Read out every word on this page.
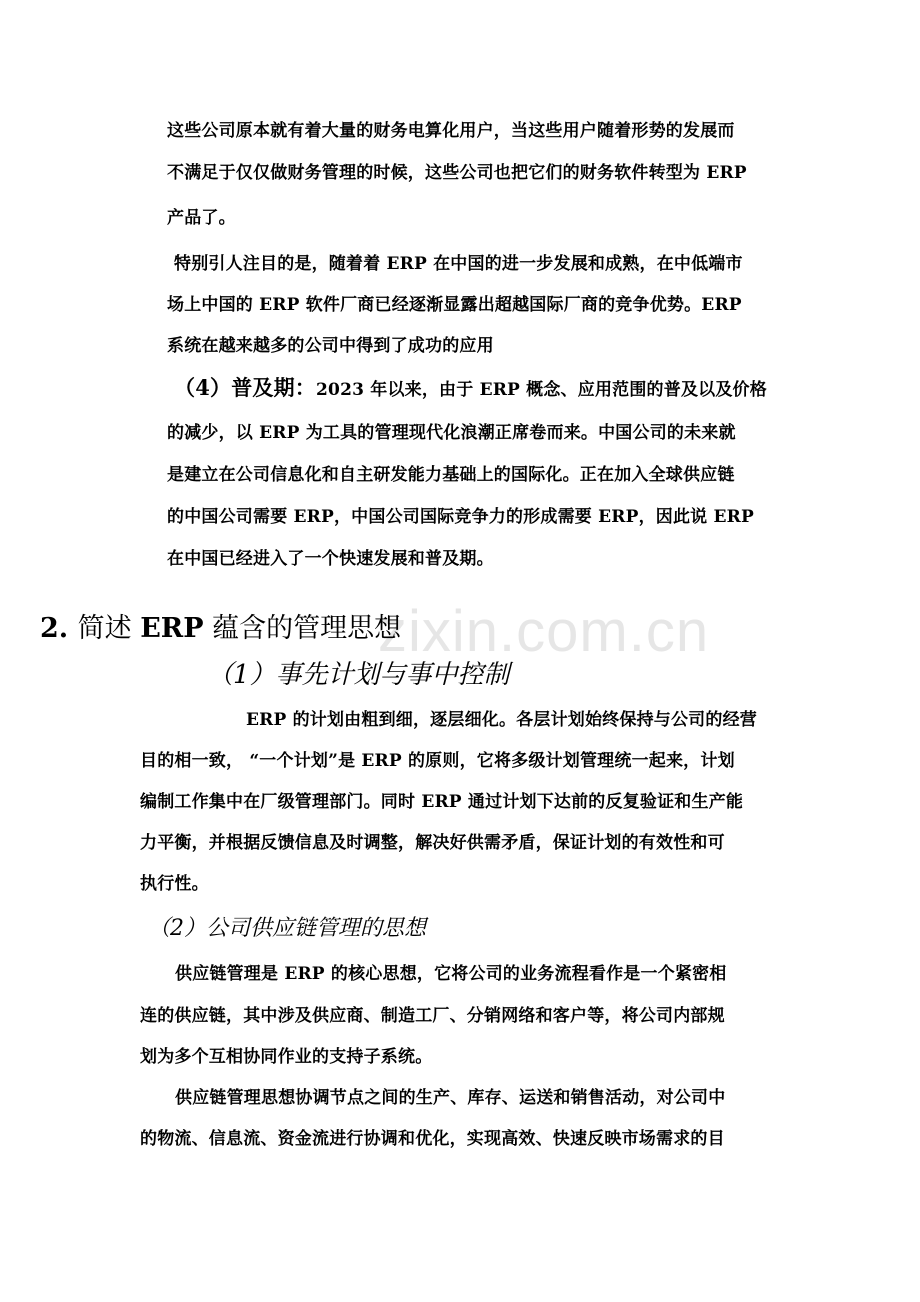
zixin.com.cn
这些公司原本就有着大量的财务电算化用户，当这些用户随着形势的发展而
不满足于仅仅做财务管理的时候，这些公司也把它们的财务软件转型为 ERP
产品了。
特别引人注目的是，随着着 ERP 在中国的进一步发展和成熟，在中低端市
场上中国的 ERP 软件厂商已经逐渐显露出超越国际厂商的竞争优势。ERP
系统在越来越多的公司中得到了成功的应用
（4）普及期：2023 年以来，由于 ERP 概念、应用范围的普及以及价格
的减少，以 ERP 为工具的管理现代化浪潮正席卷而来。中国公司的未来就
是建立在公司信息化和自主研发能力基础上的国际化。正在加入全球供应链
的中国公司需要 ERP，中国公司国际竞争力的形成需要 ERP，因此说 ERP
在中国已经进入了一个快速发展和普及期。
2. 简述 ERP 蕴含的管理思想
（1）事先计划与事中控制
ERP 的计划由粗到细，逐层细化。各层计划始终保持与公司的经营
目的相一致， “一个计划”是 ERP 的原则，它将多级计划管理统一起来，计划
编制工作集中在厂级管理部门。同时 ERP 通过计划下达前的反复验证和生产能
力平衡，并根据反馈信息及时调整，解决好供需矛盾，保证计划的有效性和可
执行性。
（2）公司供应链管理的思想
供应链管理是 ERP 的核心思想，它将公司的业务流程看作是一个紧密相
连的供应链，其中涉及供应商、制造工厂、分销网络和客户等，将公司内部规
划为多个互相协同作业的支持子系统。
供应链管理思想协调节点之间的生产、库存、运送和销售活动，对公司中
的物流、信息流、资金流进行协调和优化，实现高效、快速反映市场需求的目
